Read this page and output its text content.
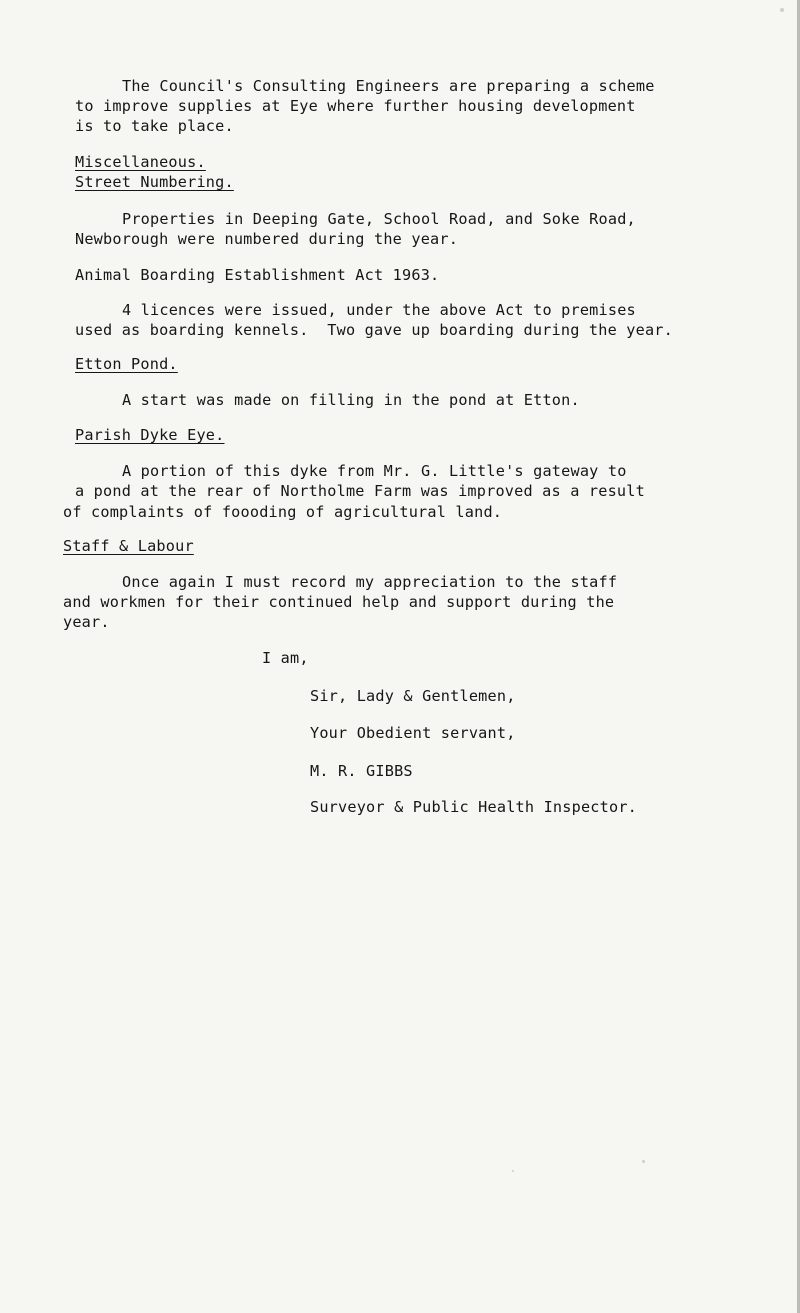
The Council's Consulting Engineers are preparing a scheme
to improve supplies at Eye where further housing development
is to take place.
Miscellaneous.
Street Numbering.
Properties in Deeping Gate, School Road, and Soke Road,
Newborough were numbered during the year.
Animal Boarding Establishment Act 1963.
4 licences were issued, under the above Act to premises
used as boarding kennels.  Two gave up boarding during the year.
Etton Pond.
A start was made on filling in the pond at Etton.
Parish Dyke Eye.
A portion of this dyke from Mr. G. Little's gateway to
a pond at the rear of Northolme Farm was improved as a result
of complaints of foooding of agricultural land.
Staff & Labour
Once again I must record my appreciation to the staff
and workmen for their continued help and support during the
year.
I am,
Sir, Lady & Gentlemen,
Your Obedient servant,
M. R. GIBBS
Surveyor & Public Health Inspector.
